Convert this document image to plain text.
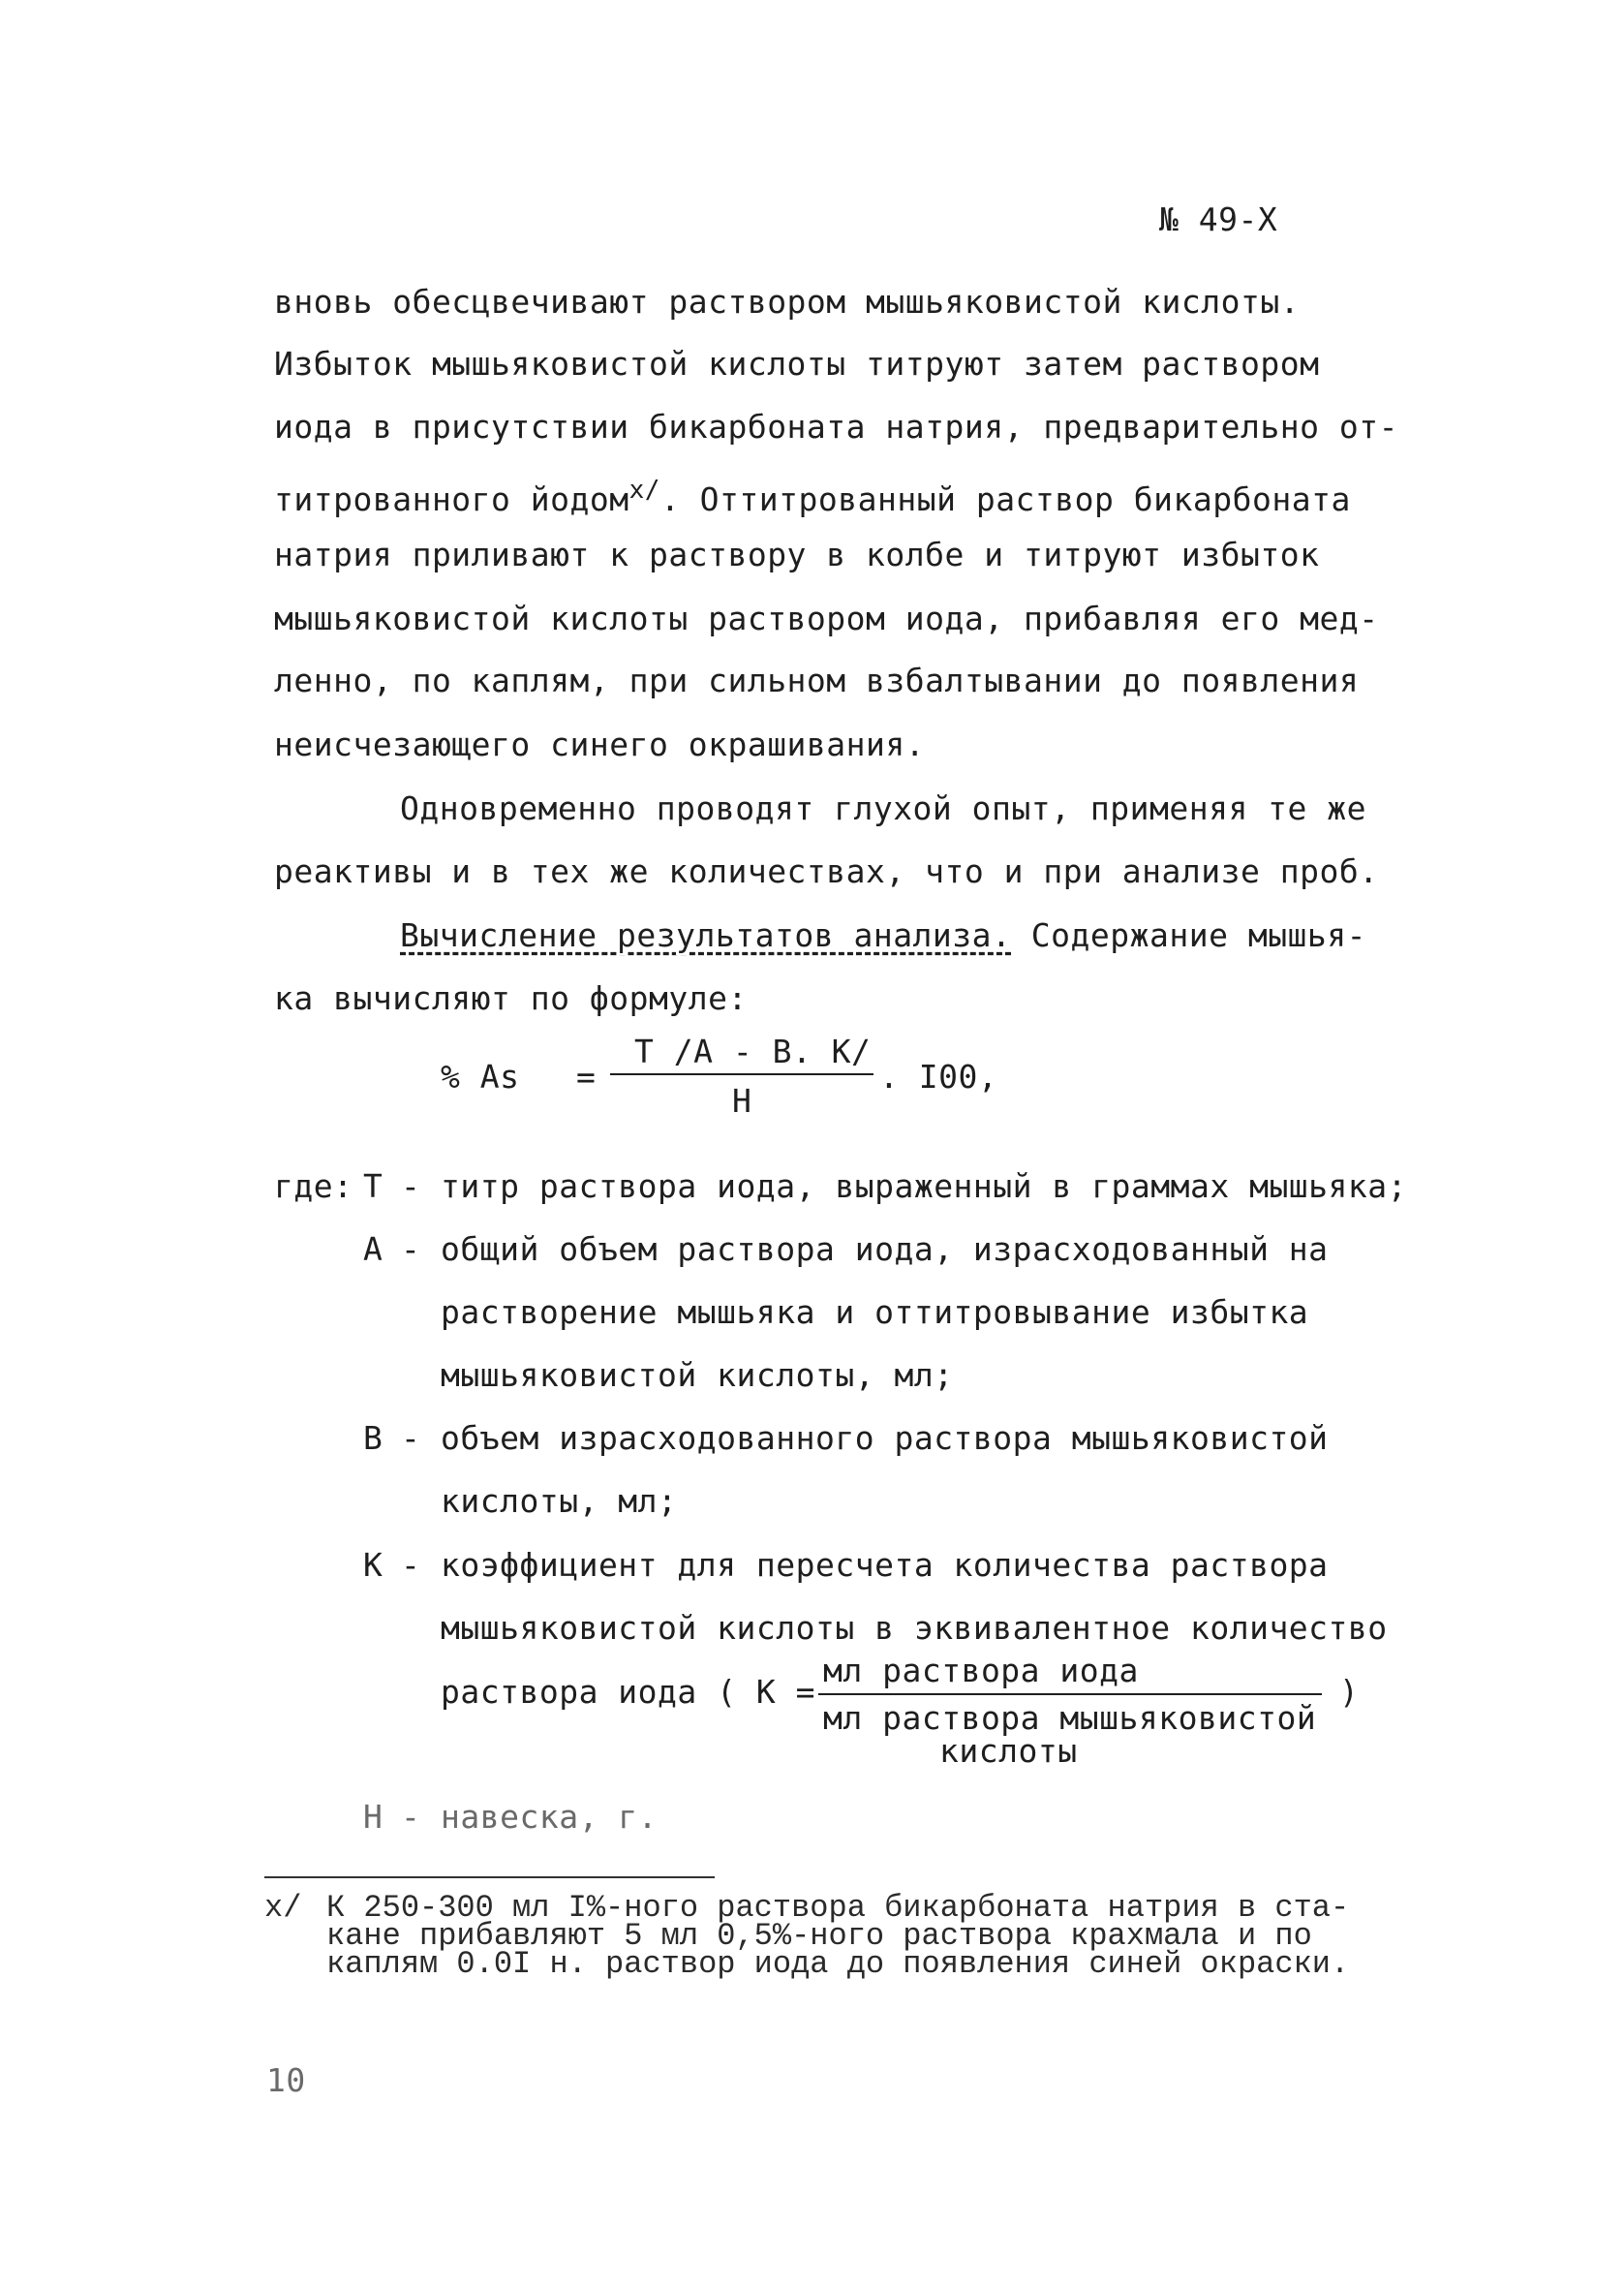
№ 49-Х
вновь обесцвечивают раствором мышьяковистой кислоты.
Избыток мышьяковистой кислоты титруют затем раствором
иода в присутствии бикарбоната натрия, предварительно от-
титрованного йодом$^{х/}$. Оттитрованный раствор бикарбоната
натрия приливают к раствору в колбе и титруют избыток
мышьяковистой кислоты раствором иода, прибавляя его мед-
ленно, по каплям, при сильном взбалтывании до появления
неисчезающего синего окрашивания.
Одновременно проводят глухой опыт, применяя те же
реактивы и в тех же количествах, что и при анализе проб.
Вычисление результатов анализа. Содержание мышья-
ка вычисляют по формуле:
% As =
Т /А - В. К/
Н
. I00,
где: Т - титр раствора иода, выраженный в граммах мышьяка;
А - общий объем раствора иода, израсходованный на
растворение мышьяка и оттитровывание избытка
мышьяковистой кислоты, мл;
В - объем израсходованного раствора мышьяковистой
кислоты, мл;
К - коэффициент для пересчета количества раствора
мышьяковистой кислоты в эквивалентное количество
раствора иода ( К =
мл раствора иода
мл раствора мышьяковистой
кислоты
)
Н - навеска, г.
х/ К 250-300 мл I%-ного раствора бикарбоната натрия в ста-
кане прибавляют 5 мл 0,5%-ного раствора крахмала и по
каплям 0.0I н. раствор иода до появления синей окраски.
10
